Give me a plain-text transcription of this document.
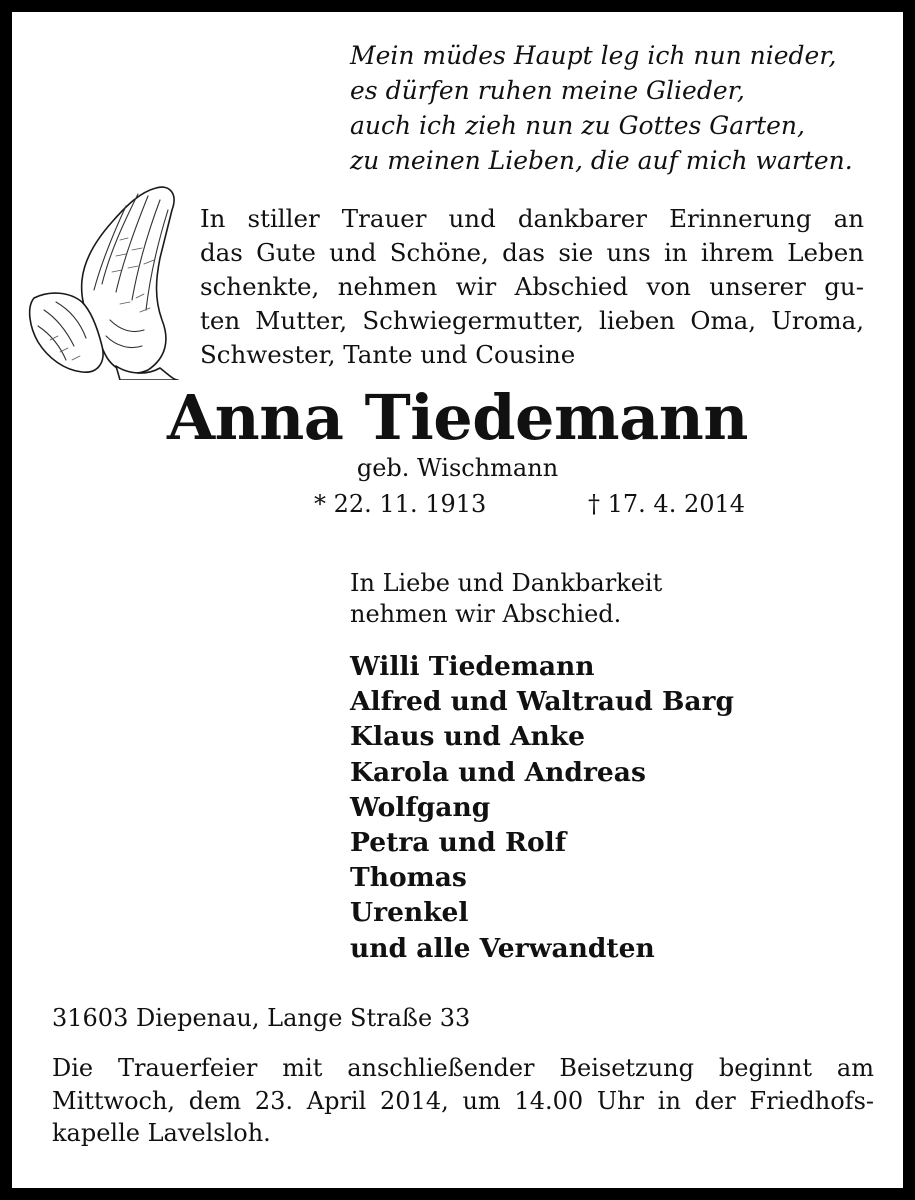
Mein müdes Haupt leg ich nun nieder,
es dürfen ruhen meine Glieder,
auch ich zieh nun zu Gottes Garten,
zu meinen Lieben, die auf mich warten.
In stiller Trauer und dankbarer Erinnerung an
das Gute und Schöne, das sie uns in ihrem Leben
schenkte, nehmen wir Abschied von unserer gu-
ten Mutter, Schwiegermutter, lieben Oma, Uroma,
Schwester, Tante und Cousine
Anna Tiedemann
geb. Wischmann
* 22. 11. 1913	† 17. 4. 2014
In Liebe und Dankbarkeit
nehmen wir Abschied.
Willi Tiedemann
Alfred und Waltraud Barg
Klaus und Anke
Karola und Andreas
Wolfgang
Petra und Rolf
Thomas
Urenkel
und alle Verwandten
31603 Diepenau, Lange Straße 33
Die Trauerfeier mit anschließender Beisetzung beginnt am
Mittwoch, dem 23. April 2014, um 14.00 Uhr in der Friedhofs-
kapelle Lavelsloh.
